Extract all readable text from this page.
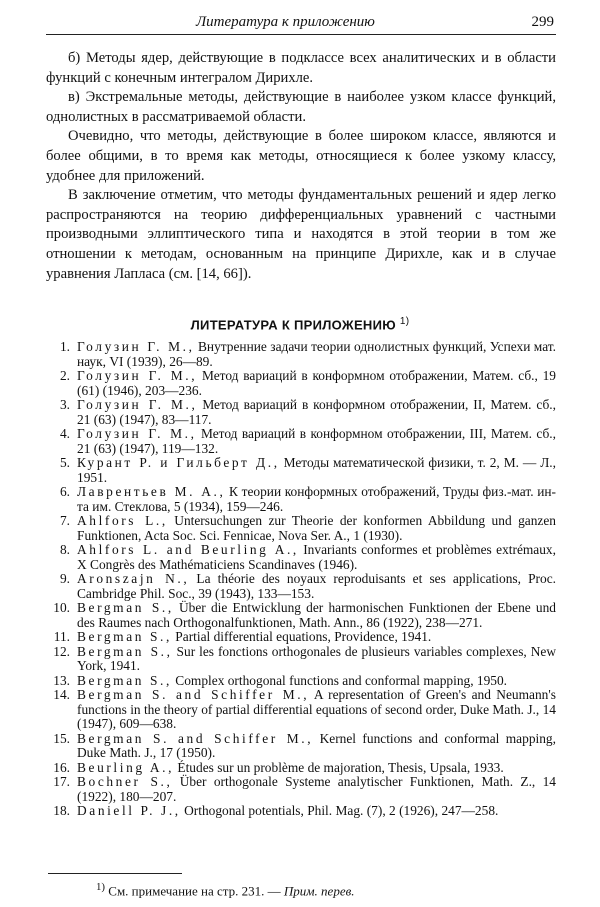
Литература к приложению	299

б) Методы ядер, действующие в подклассе всех аналитических и в области функций с конечным интегралом Дирихле.

в) Экстремальные методы, действующие в наиболее узком классе функций, однолистных в рассматриваемой области.

Очевидно, что методы, действующие в более широком классе, являются и более общими, в то время как методы, относящиеся к более узкому классу, удобнее для приложений.

В заключение отметим, что методы фундаментальных решений и ядер легко распространяются на теорию дифференциальных уравнений с частными производными эллиптического типа и находятся в этой теории в том же отношении к методам, основанным на принципе Дирихле, как и в случае уравнения Лапласа (см. [14, 66]).

ЛИТЕРАТУРА К ПРИЛОЖЕНИЮ $^{1)}$
1. Голузин Г. М., Внутренние задачи теории однолистных функций, Успехи мат. наук, VI (1939), 26—89.
2. Голузин Г. М., Метод вариаций в конформном отображении, Матем. сб., 19 (61) (1946), 203—236.
3. Голузин Г. М., Метод вариаций в конформном отображении, II, Матем. сб., 21 (63) (1947), 83—117.
4. Голузин Г. М., Метод вариаций в конформном отображении, III, Матем. сб., 21 (63) (1947), 119—132.
5. Курант Р. и Гильберт Д., Методы математической физики, т. 2, М. — Л., 1951.
6. Лаврентьев М. А., К теории конформных отображений, Труды физ.-мат. ин-та им. Стеклова, 5 (1934), 159—246.
7. Ahlfors L., Untersuchungen zur Theorie der konformen Abbildung und ganzen Funktionen, Acta Soc. Sci. Fennicae, Nova Ser. A., 1 (1930).
8. Ahlfors L. and Beurling A., Invariants conformes et problèmes extrémaux, X Congrès des Mathématiciens Scandinaves (1946).
9. Aronszajn N., La théorie des noyaux reproduisants et ses applications, Proc. Cambridge Phil. Soc., 39 (1943), 133—153.
10. Bergman S., Über die Entwicklung der harmonischen Funktionen der Ebene und des Raumes nach Orthogonalfunktionen, Math. Ann., 86 (1922), 238—271.
11. Bergman S., Partial differential equations, Providence, 1941.
12. Bergman S., Sur les fonctions orthogonales de plusieurs variables complexes, New York, 1941.
13. Bergman S., Complex orthogonal functions and conformal mapping, 1950.
14. Bergman S. and Schiffer M., A representation of Green's and Neumann's functions in the theory of partial differential equations of second order, Duke Math. J., 14 (1947), 609—638.
15. Bergman S. and Schiffer M., Kernel functions and conformal mapping, Duke Math. J., 17 (1950).
16. Beurling A., Études sur un problème de majoration, Thesis, Upsala, 1933.
17. Bochner S., Über orthogonale Systeme analytischer Funktionen, Math. Z., 14 (1922), 180—207.
18. Daniell P. J., Orthogonal potentials, Phil. Mag. (7), 2 (1926), 247—258.
$^{1)}$ См. примечание на стр. 231. — Прим. перев.
